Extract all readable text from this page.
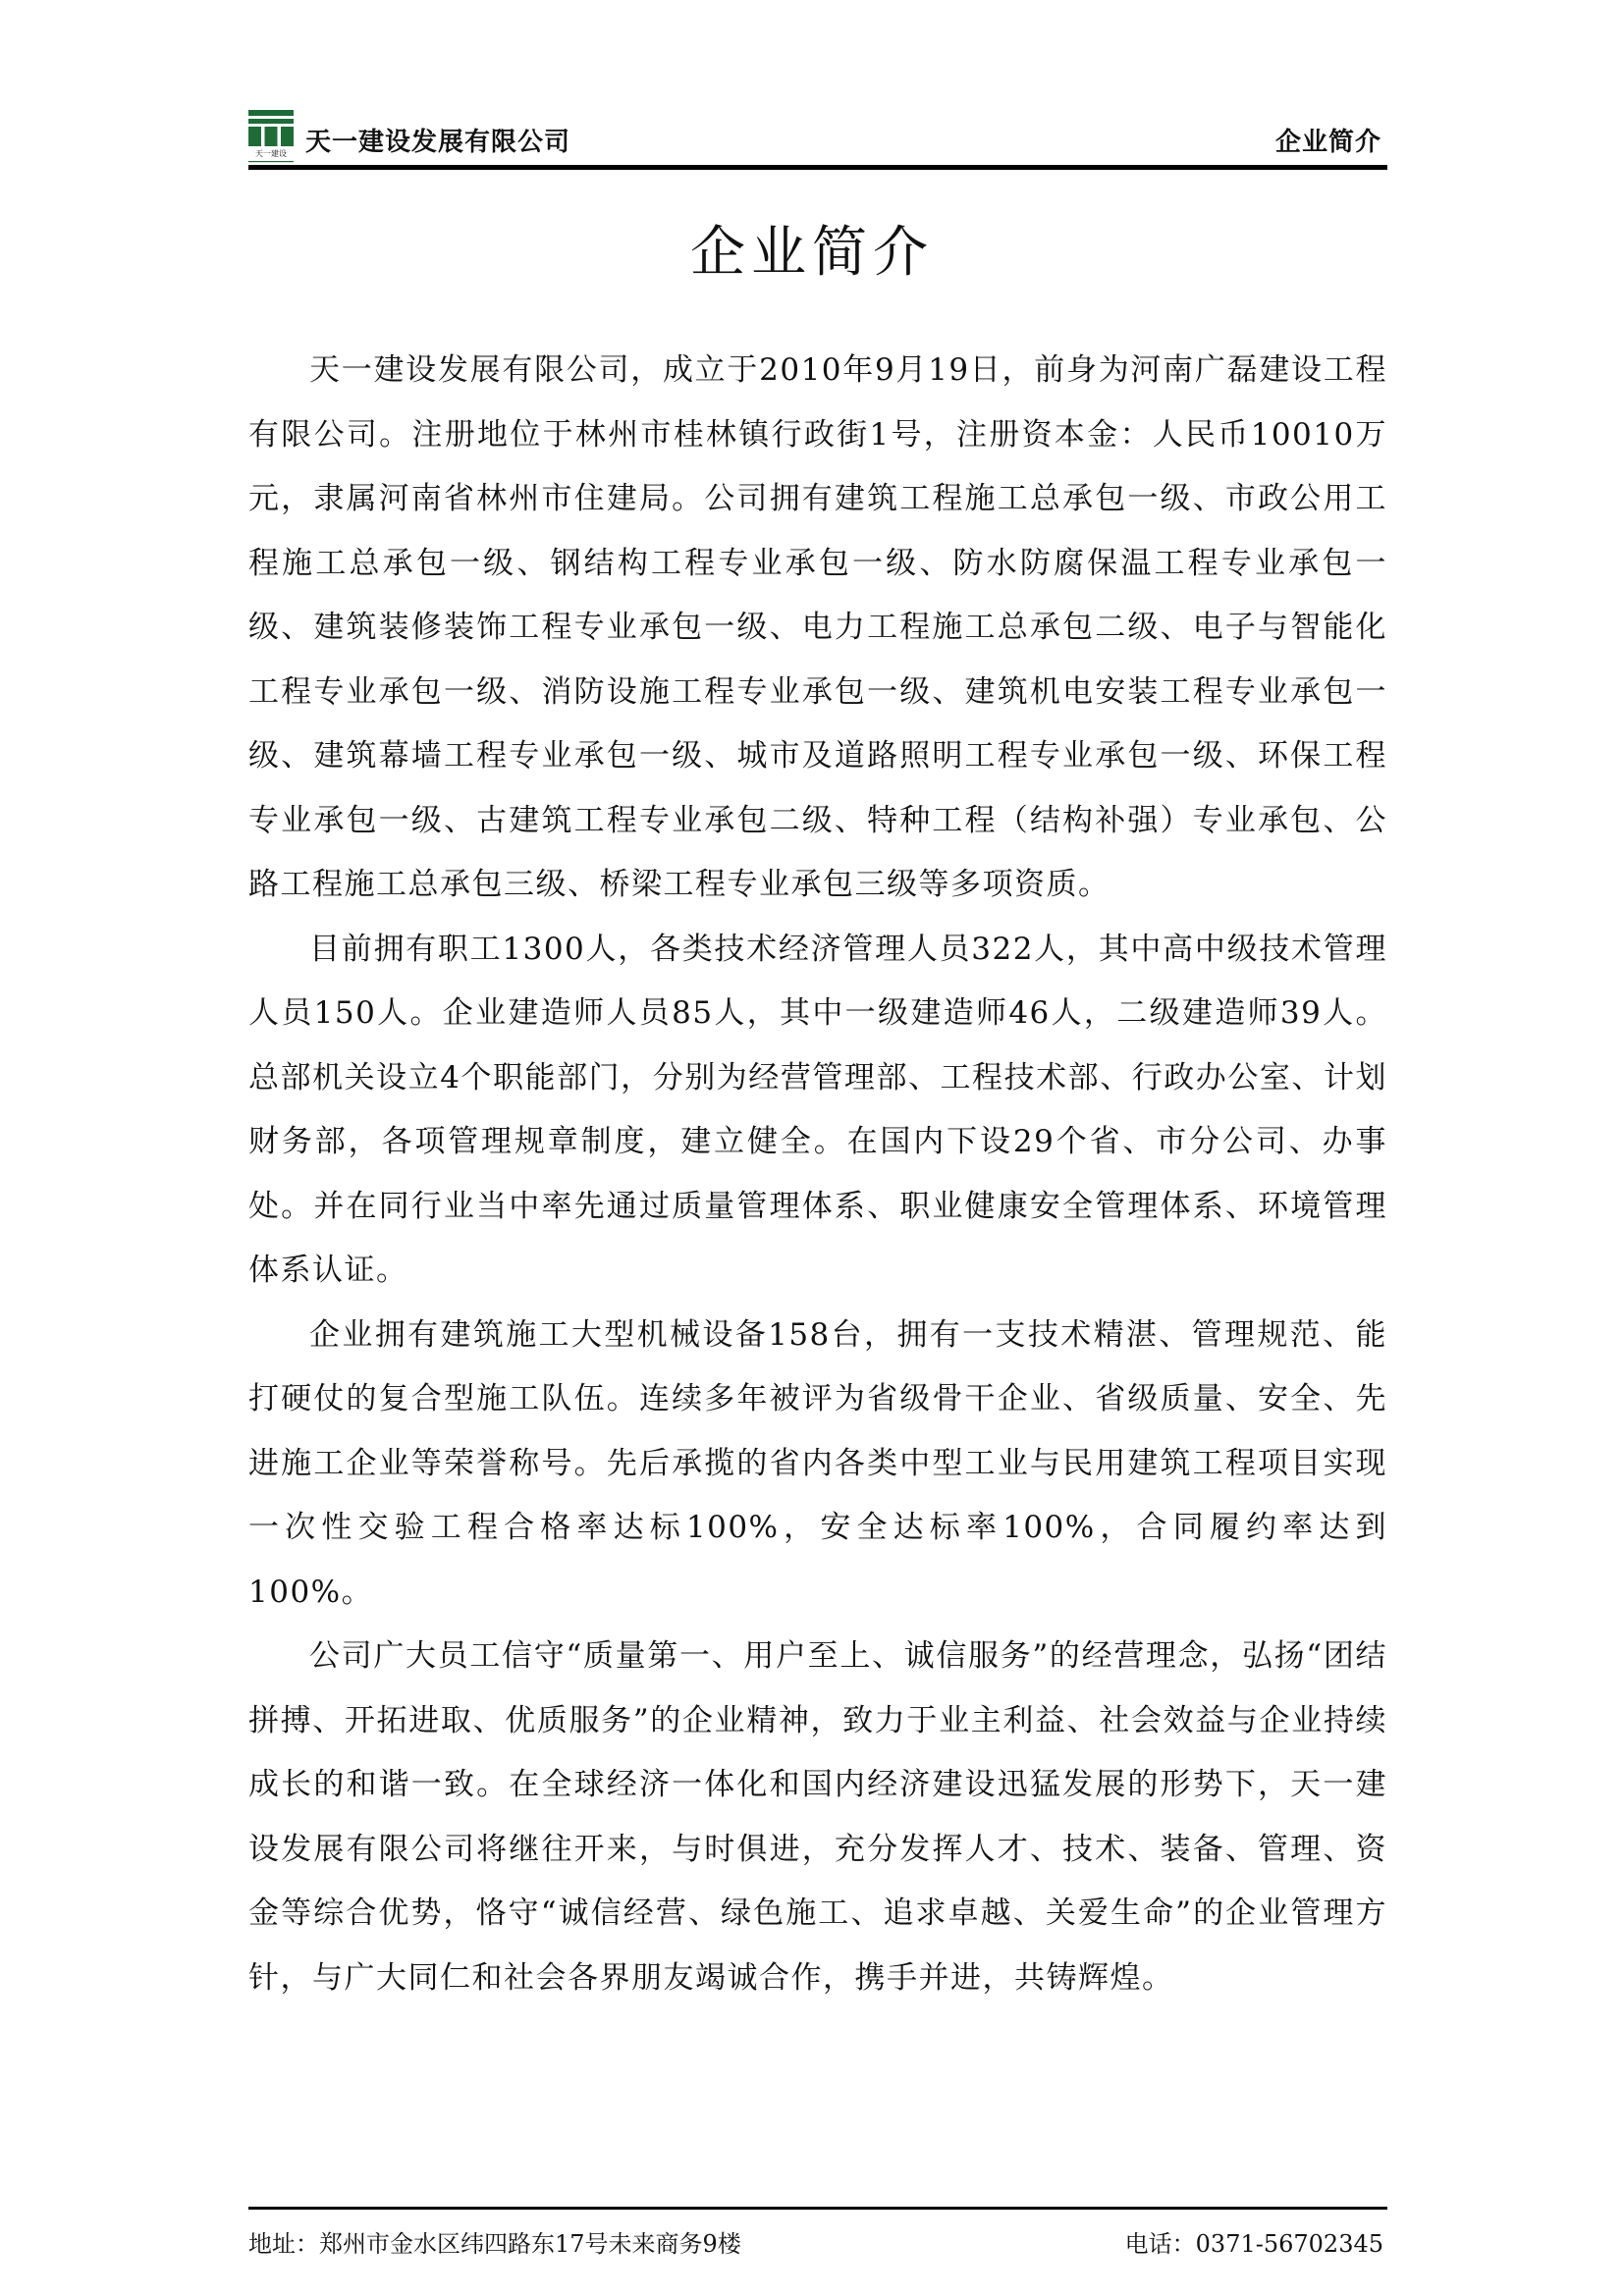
天一建设 天一建设发展有限公司	企业简介
企业简介

天一建设发展有限公司，成立于2010年9月19日，前身为河南广磊建设工程有限公司。注册地位于林州市桂林镇行政街1号，注册资本金：人民币10010万元，隶属河南省林州市住建局。公司拥有建筑工程施工总承包一级、市政公用工程施工总承包一级、钢结构工程专业承包一级、防水防腐保温工程专业承包一级、建筑装修装饰工程专业承包一级、电力工程施工总承包二级、电子与智能化工程专业承包一级、消防设施工程专业承包一级、建筑机电安装工程专业承包一级、建筑幕墙工程专业承包一级、城市及道路照明工程专业承包一级、环保工程专业承包一级、古建筑工程专业承包二级、特种工程（结构补强）专业承包、公路工程施工总承包三级、桥梁工程专业承包三级等多项资质。

目前拥有职工1300人，各类技术经济管理人员322人，其中高中级技术管理人员150人。企业建造师人员85人，其中一级建造师46人，二级建造师39人。总部机关设立4个职能部门，分别为经营管理部、工程技术部、行政办公室、计划财务部，各项管理规章制度，建立健全。在国内下设29个省、市分公司、办事处。并在同行业当中率先通过质量管理体系、职业健康安全管理体系、环境管理体系认证。

企业拥有建筑施工大型机械设备158台，拥有一支技术精湛、管理规范、能打硬仗的复合型施工队伍。连续多年被评为省级骨干企业、省级质量、安全、先进施工企业等荣誉称号。先后承揽的省内各类中型工业与民用建筑工程项目实现一次性交验工程合格率达标100%，安全达标率100%，合同履约率达到100%。

公司广大员工信守“质量第一、用户至上、诚信服务”的经营理念，弘扬“团结拼搏、开拓进取、优质服务”的企业精神，致力于业主利益、社会效益与企业持续成长的和谐一致。在全球经济一体化和国内经济建设迅猛发展的形势下，天一建设发展有限公司将继往开来，与时俱进，充分发挥人才、技术、装备、管理、资金等综合优势，恪守“诚信经营、绿色施工、追求卓越、关爱生命”的企业管理方针，与广大同仁和社会各界朋友竭诚合作，携手并进，共铸辉煌。

地址：郑州市金水区纬四路东17号未来商务9楼	电话：0371-56702345
